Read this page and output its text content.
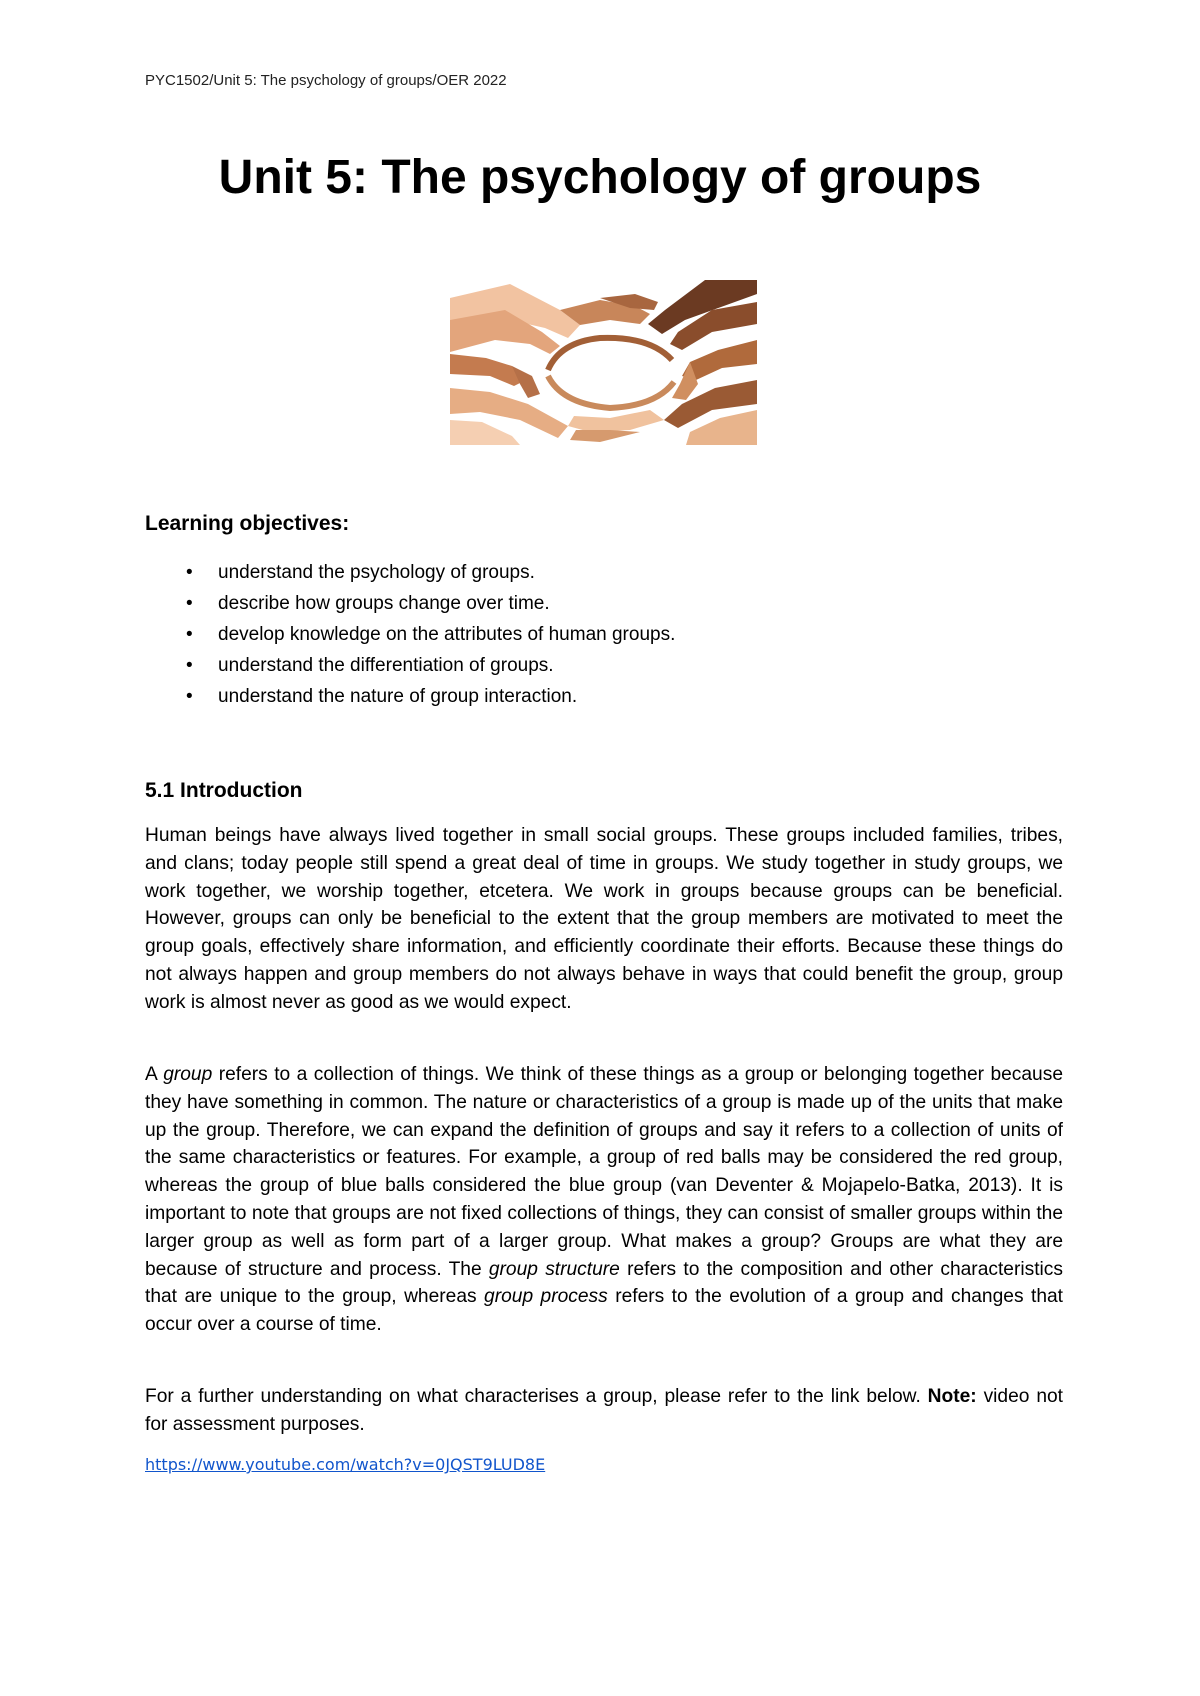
PYC1502/Unit 5: The psychology of groups/OER 2022
Unit 5: The psychology of groups
Learning objectives:
• understand the psychology of groups.
• describe how groups change over time.
• develop knowledge on the attributes of human groups.
• understand the differentiation of groups.
• understand the nature of group interaction.
5.1 Introduction

Human beings have always lived together in small social groups. These groups included families, tribes, and clans; today people still spend a great deal of time in groups. We study together in study groups, we work together, we worship together, etcetera. We work in groups because groups can be beneficial. However, groups can only be beneficial to the extent that the group members are motivated to meet the group goals, effectively share information, and efficiently coordinate their efforts. Because these things do not always happen and group members do not always behave in ways that could benefit the group, group work is almost never as good as we would expect.

A group refers to a collection of things. We think of these things as a group or belonging together because they have something in common. The nature or characteristics of a group is made up of the units that make up the group. Therefore, we can expand the definition of groups and say it refers to a collection of units of the same characteristics or features. For example, a group of red balls may be considered the red group, whereas the group of blue balls considered the blue group (van Deventer & Mojapelo-Batka, 2013). It is important to note that groups are not fixed collections of things, they can consist of smaller groups within the larger group as well as form part of a larger group. What makes a group? Groups are what they are because of structure and process. The group structure refers to the composition and other characteristics that are unique to the group, whereas group process refers to the evolution of a group and changes that occur over a course of time.

For a further understanding on what characterises a group, please refer to the link below. Note: video not for assessment purposes.

https://www.youtube.com/watch?v=0JQST9LUD8E
